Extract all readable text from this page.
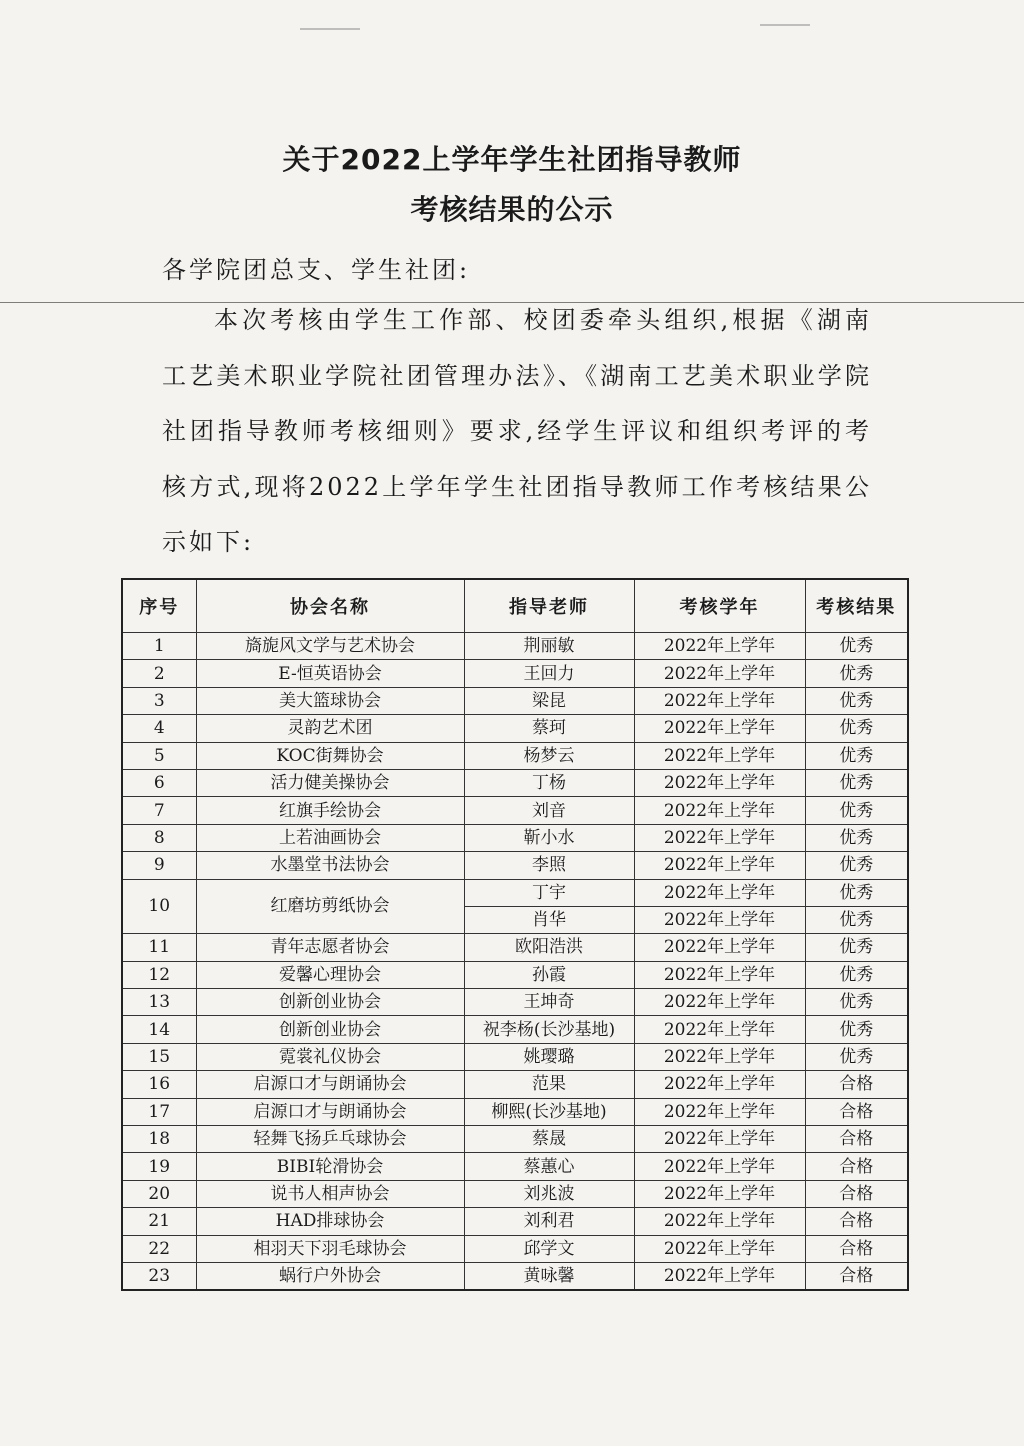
关于2022上学年学生社团指导教师
考核结果的公示
各学院团总支、学生社团:
本次考核由学生工作部、校团委牵头组织,根据《湖南工艺美术职业学院社团管理办法》、《湖南工艺美术职业学院社团指导教师考核细则》要求,经学生评议和组织考评的考核方式,现将2022上学年学生社团指导教师工作考核结果公示如下:
序号	协会名称	指导老师	考核学年	考核结果
1	旖旎风文学与艺术协会	荆丽敏	2022年上学年	优秀
2	E-恒英语协会	王回力	2022年上学年	优秀
3	美大篮球协会	梁昆	2022年上学年	优秀
4	灵韵艺术团	蔡珂	2022年上学年	优秀
5	KOC街舞协会	杨梦云	2022年上学年	优秀
6	活力健美操协会	丁杨	2022年上学年	优秀
7	红旗手绘协会	刘音	2022年上学年	优秀
8	上若油画协会	靳小水	2022年上学年	优秀
9	水墨堂书法协会	李照	2022年上学年	优秀
10	红磨坊剪纸协会	丁宇	2022年上学年	优秀
		肖华	2022年上学年	优秀
11	青年志愿者协会	欧阳浩洪	2022年上学年	优秀
12	爱馨心理协会	孙霞	2022年上学年	优秀
13	创新创业协会	王坤奇	2022年上学年	优秀
14	创新创业协会	祝李杨(长沙基地)	2022年上学年	优秀
15	霓裳礼仪协会	姚璎璐	2022年上学年	优秀
16	启源口才与朗诵协会	范果	2022年上学年	合格
17	启源口才与朗诵协会	柳熙(长沙基地)	2022年上学年	合格
18	轻舞飞扬乒乓球协会	蔡晟	2022年上学年	合格
19	BIBI轮滑协会	蔡蕙心	2022年上学年	合格
20	说书人相声协会	刘兆波	2022年上学年	合格
21	HAD排球协会	刘利君	2022年上学年	合格
22	相羽天下羽毛球协会	邱学文	2022年上学年	合格
23	蜗行户外协会	黄咏馨	2022年上学年	合格
